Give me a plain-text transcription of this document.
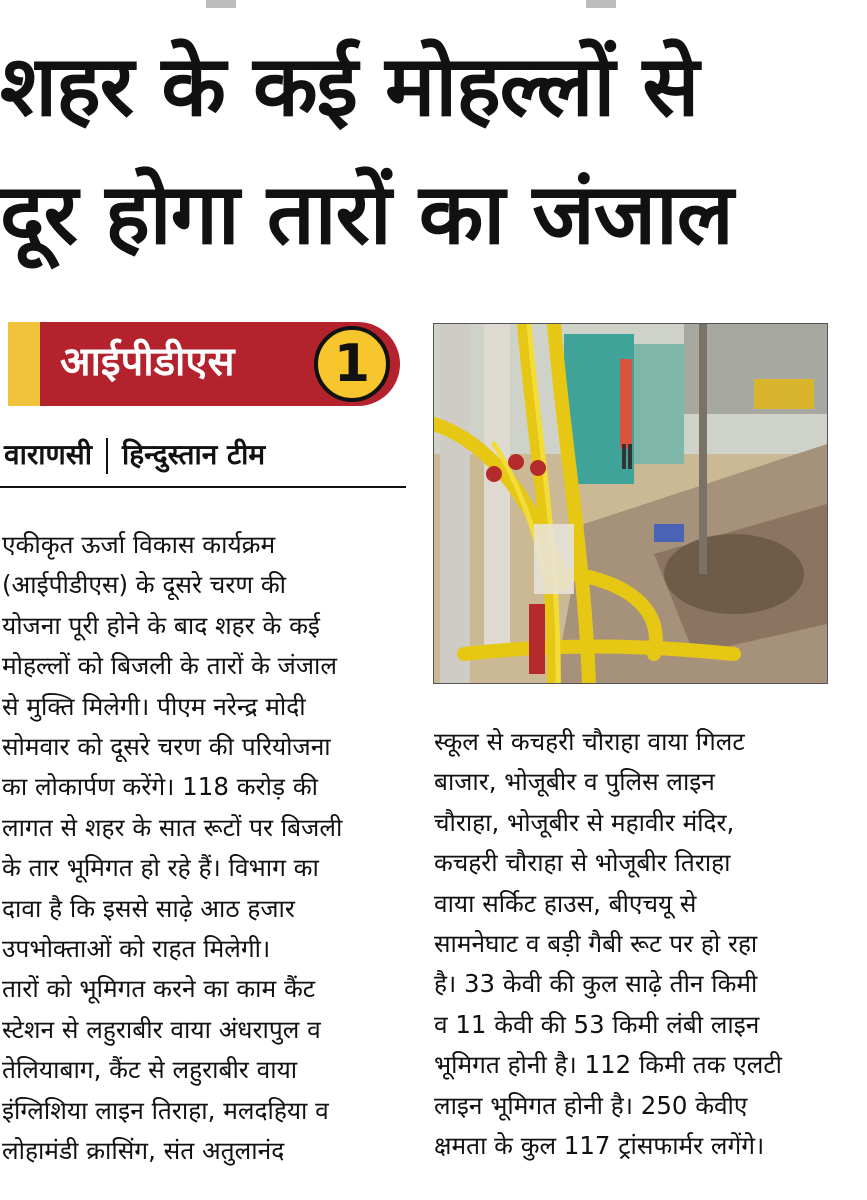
शहर के कई मोहल्लों से
दूर होगा तारों का जंजाल
आईपीडीएस	1
वाराणसी हिन्दुस्तान टीम
एकीकृत ऊर्जा विकास कार्यक्रम
(आईपीडीएस) के दूसरे चरण की
योजना पूरी होने के बाद शहर के कई
मोहल्लों को बिजली के तारों के जंजाल
से मुक्ति मिलेगी। पीएम नरेन्द्र मोदी
सोमवार को दूसरे चरण की परियोजना
का लोकार्पण करेंगे। 118 करोड़ की
लागत से शहर के सात रूटों पर बिजली
के तार भूमिगत हो रहे हैं। विभाग का
दावा है कि इससे साढ़े आठ हजार
उपभोक्ताओं को राहत मिलेगी।
तारों को भूमिगत करने का काम कैंट
स्टेशन से लहुराबीर वाया अंधरापुल व
तेलियाबाग, कैंट से लहुराबीर वाया
इंग्लिशिया लाइन तिराहा, मलदहिया व
लोहामंडी क्रासिंग, संत अतुलानंद
स्कूल से कचहरी चौराहा वाया गिलट
बाजार, भोजूबीर व पुलिस लाइन
चौराहा, भोजूबीर से महावीर मंदिर,
कचहरी चौराहा से भोजूबीर तिराहा
वाया सर्किट हाउस, बीएचयू से
सामनेघाट व बड़ी गैबी रूट पर हो रहा
है। 33 केवी की कुल साढ़े तीन किमी
व 11 केवी की 53 किमी लंबी लाइन
भूमिगत होनी है। 112 किमी तक एलटी
लाइन भूमिगत होनी है। 250 केवीए
क्षमता के कुल 117 ट्रांसफार्मर लगेंगे।
